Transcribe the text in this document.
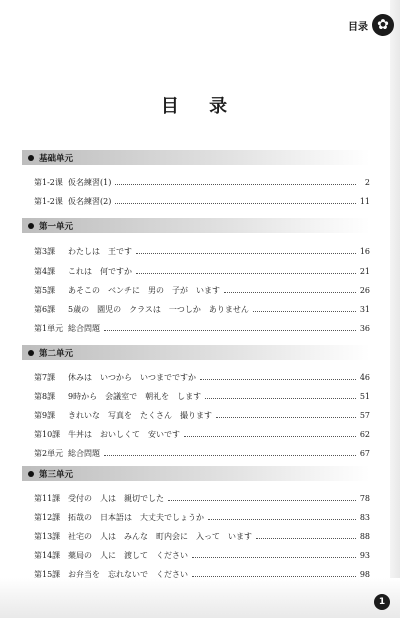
目录 ✿
目 录
基础单元
第1-2课 仮名練習(1)	2
第1-2课 仮名練習(2)	11
第一单元
第3課	わたしは　王です	16
第4課	これは　何ですか	21
第5課	あそこの　ベンチに　男の　子が　います	26
第6課	5歳の　園児の　クラスは　一つしか　ありません	31
第1単元 総合問題	36
第二单元
第7課	休みは　いつから　いつまでですか	46
第8課	9時から　会議室で　朝礼を　します	51
第9課	きれいな　写真を　たくさん　撮ります	57
第10課 牛丼は　おいしくて　安いです	62
第2単元 総合問題	67
第三单元
第11課 受付の　人は　親切でした	78
第12課 拓哉の　日本語は　大丈夫でしょうか	83
第13課 社宅の　人は　みんな　町内会に　入って　います	88
第14課 薬局の　人に　渡して　ください	93
第15課 お弁当を　忘れないで　ください	98
1
